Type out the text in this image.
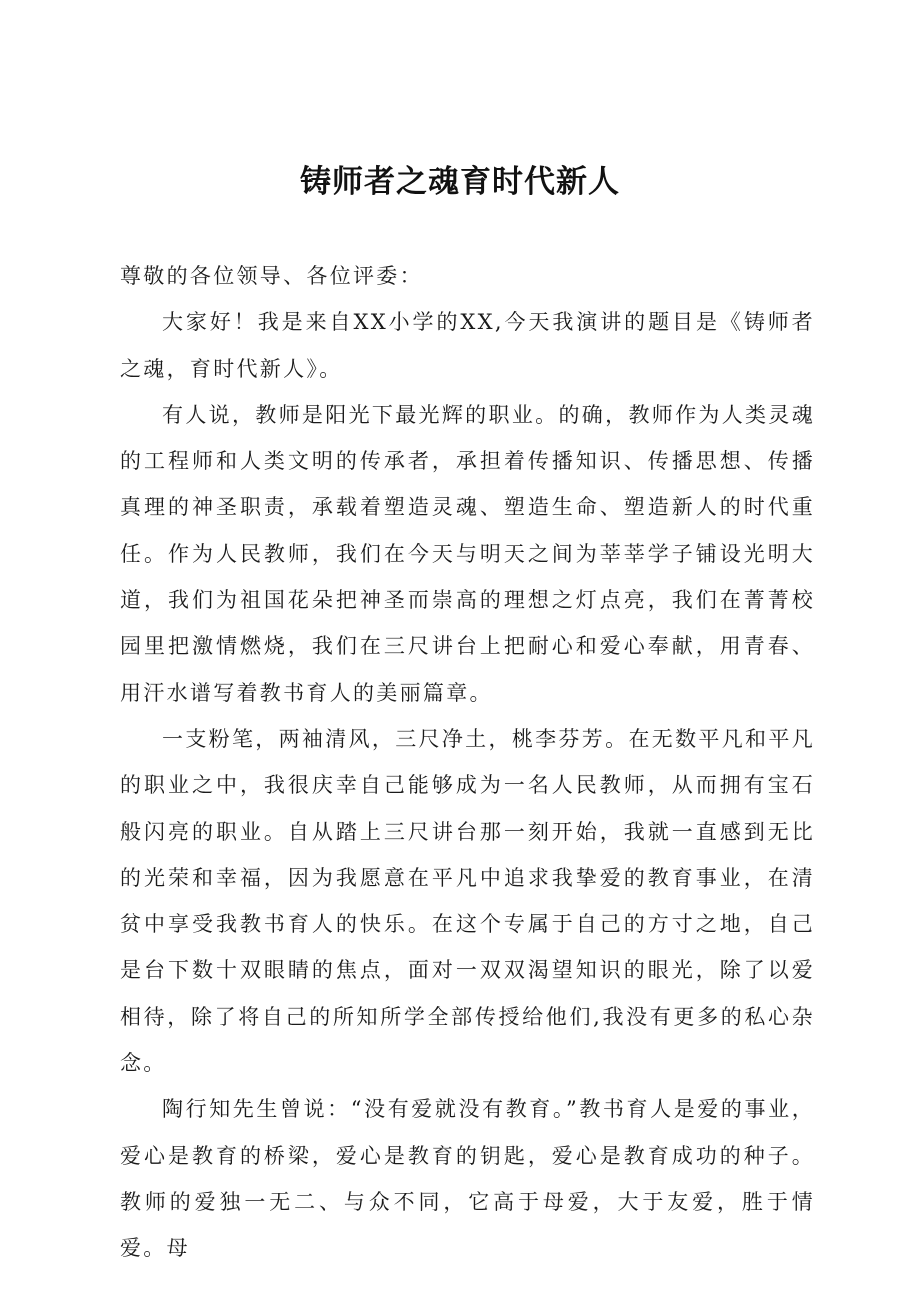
铸师者之魂育时代新人

尊敬的各位领导、各位评委：

大家好！我是来自XX小学的XX,今天我演讲的题目是《铸师者之魂，育时代新人》。

有人说，教师是阳光下最光辉的职业。的确，教师作为人类灵魂的工程师和人类文明的传承者，承担着传播知识、传播思想、传播真理的神圣职责，承载着塑造灵魂、塑造生命、塑造新人的时代重任。作为人民教师，我们在今天与明天之间为莘莘学子铺设光明大道，我们为祖国花朵把神圣而崇高的理想之灯点亮，我们在菁菁校园里把激情燃烧，我们在三尺讲台上把耐心和爱心奉献，用青春、用汗水谱写着教书育人的美丽篇章。

一支粉笔，两袖清风，三尺净土，桃李芬芳。在无数平凡和平凡的职业之中，我很庆幸自己能够成为一名人民教师，从而拥有宝石般闪亮的职业。自从踏上三尺讲台那一刻开始，我就一直感到无比的光荣和幸福，因为我愿意在平凡中追求我挚爱的教育事业，在清贫中享受我教书育人的快乐。在这个专属于自己的方寸之地，自己是台下数十双眼睛的焦点，面对一双双渴望知识的眼光，除了以爱相待，除了将自己的所知所学全部传授给他们,我没有更多的私心杂念。

陶行知先生曾说：“没有爱就没有教育。”教书育人是爱的事业，爱心是教育的桥梁，爱心是教育的钥匙，爱心是教育成功的种子。教师的爱独一无二、与众不同，它高于母爱，大于友爱，胜于情爱。母
